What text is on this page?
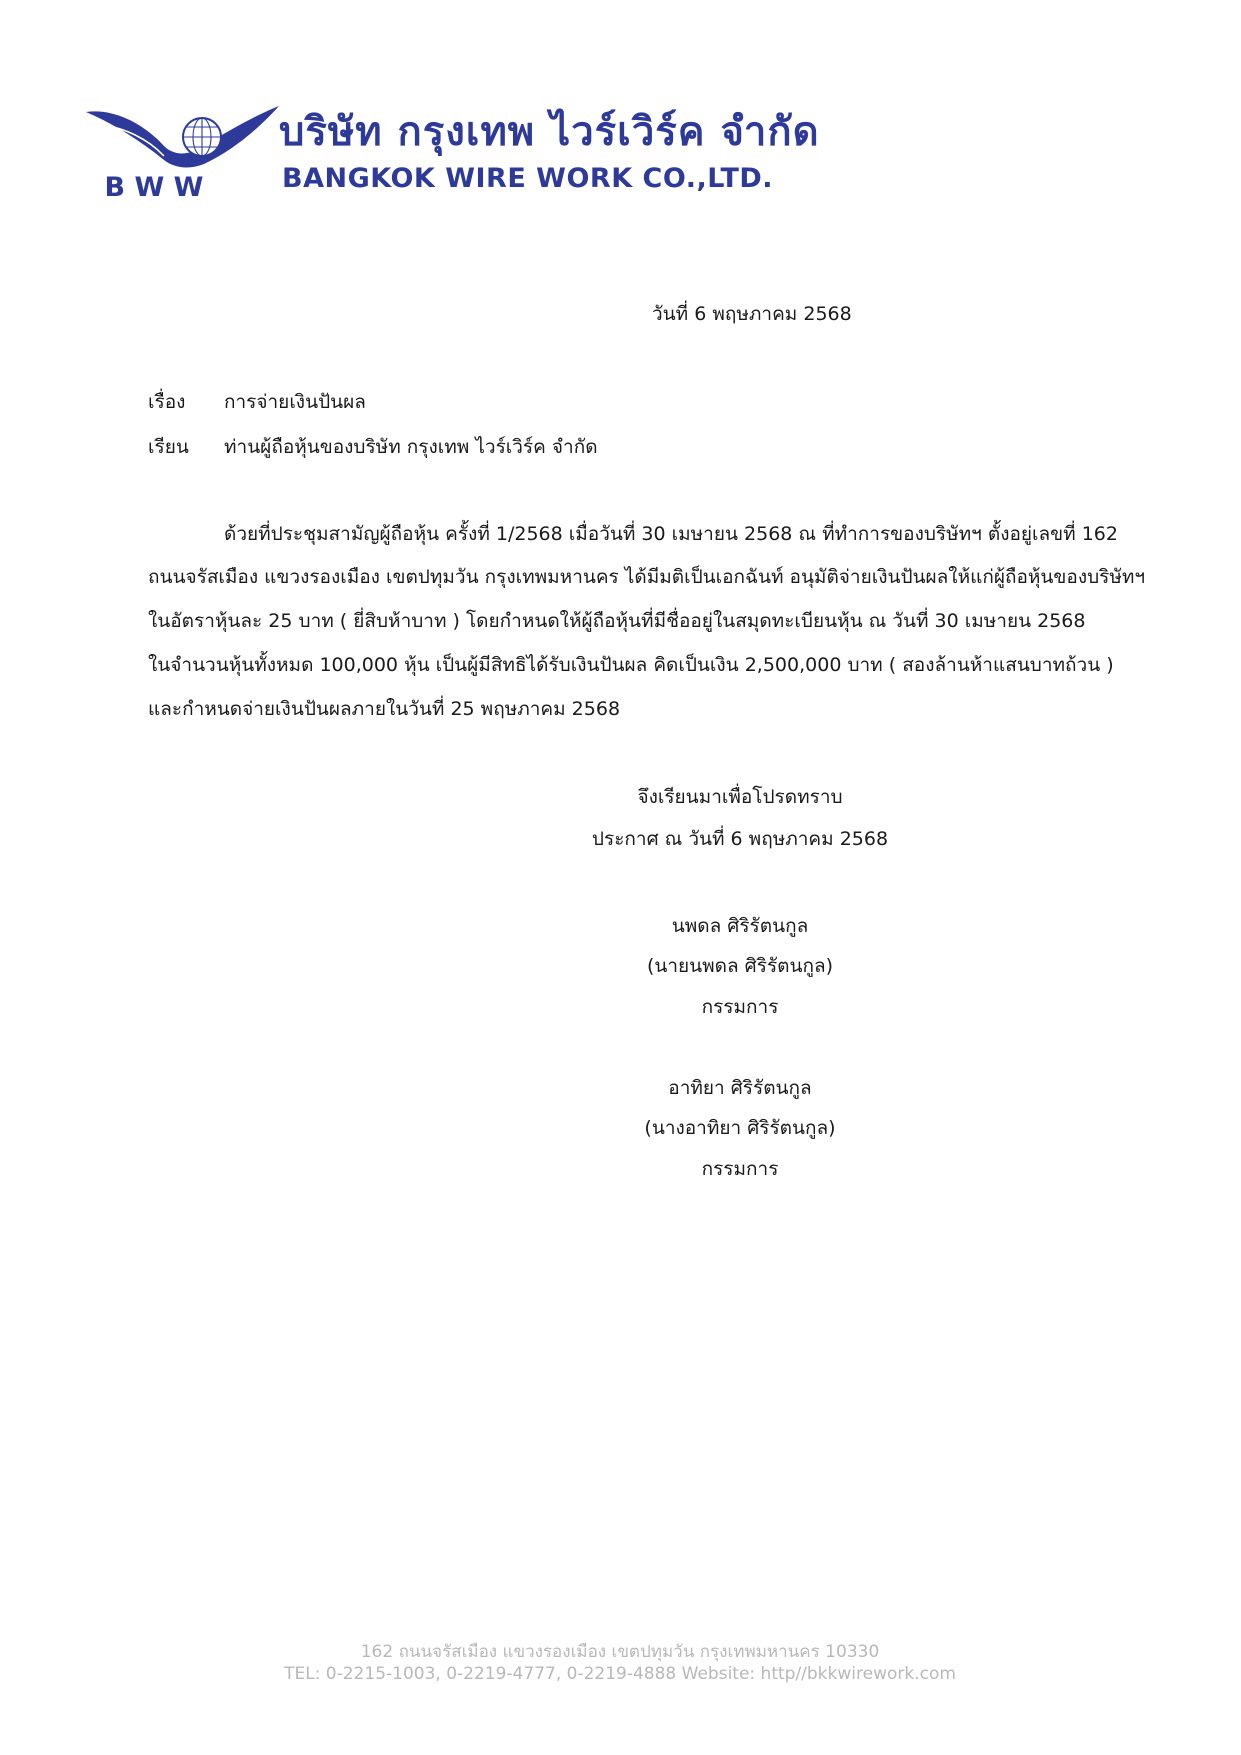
B W W
บริษัท กรุงเทพ ไวร์เวิร์ค จำกัด
BANGKOK WIRE WORK CO.,LTD.
วันที่ 6 พฤษภาคม 2568
เรื่อง การจ่ายเงินปันผล
เรียน ท่านผู้ถือหุ้นของบริษัท กรุงเทพ ไวร์เวิร์ค จำกัด
ด้วยที่ประชุมสามัญผู้ถือหุ้น ครั้งที่ 1/2568 เมื่อวันที่ 30 เมษายน 2568 ณ ที่ทำการของบริษัทฯ ตั้งอยู่เลขที่ 162
ถนนจรัสเมือง แขวงรองเมือง เขตปทุมวัน กรุงเทพมหานคร ได้มีมติเป็นเอกฉันท์ อนุมัติจ่ายเงินปันผลให้แก่ผู้ถือหุ้นของบริษัทฯ
ในอัตราหุ้นละ 25 บาท ( ยี่สิบห้าบาท ) โดยกำหนดให้ผู้ถือหุ้นที่มีชื่ออยู่ในสมุดทะเบียนหุ้น ณ วันที่ 30 เมษายน 2568
ในจำนวนหุ้นทั้งหมด 100,000 หุ้น เป็นผู้มีสิทธิได้รับเงินปันผล คิดเป็นเงิน 2,500,000 บาท ( สองล้านห้าแสนบาทถ้วน )
และกำหนดจ่ายเงินปันผลภายในวันที่ 25 พฤษภาคม 2568
จึงเรียนมาเพื่อโปรดทราบ
ประกาศ ณ วันที่ 6 พฤษภาคม 2568
นพดล ศิริรัตนกูล
(นายนพดล ศิริรัตนกูล)
กรรมการ
อาทิยา ศิริรัตนกูล
(นางอาทิยา ศิริรัตนกูล)
กรรมการ
162 ถนนจรัสเมือง แขวงรองเมือง เขตปทุมวัน กรุงเทพมหานคร 10330
TEL: 0-2215-1003, 0-2219-4777, 0-2219-4888 Website: http//bkkwirework.com
